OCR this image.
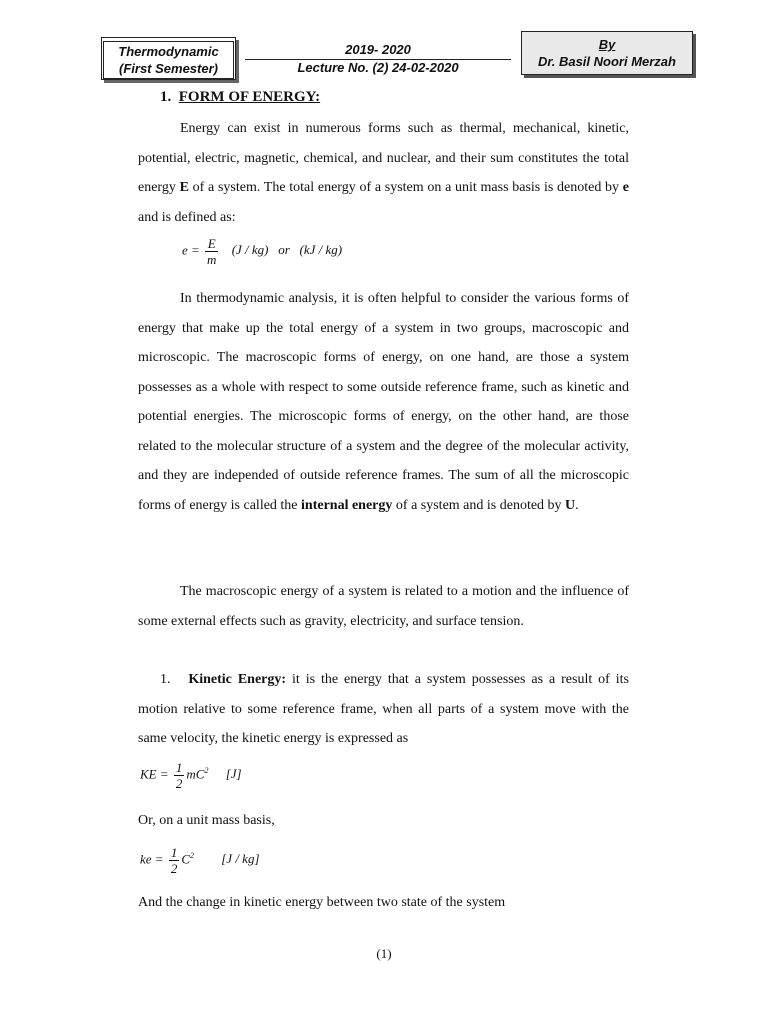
Thermodynamic
(First Semester)
2019- 2020
Lecture No. (2) 24-02-2020
By
Dr. Basil Noori Merzah
1. FORM OF ENERGY:

Energy can exist in numerous forms such as thermal, mechanical, kinetic, potential, electric, magnetic, chemical, and nuclear, and their sum constitutes the total energy E of a system. The total energy of a system on a unit mass basis is denoted by e and is defined as:

$e = \frac{E}{m} (J / kg)$   or   (kJ / kg)

In thermodynamic analysis, it is often helpful to consider the various forms of energy that make up the total energy of a system in two groups, macroscopic and microscopic. The macroscopic forms of energy, on one hand, are those a system possesses as a whole with respect to some outside reference frame, such as kinetic and potential energies. The microscopic forms of energy, on the other hand, are those related to the molecular structure of a system and the degree of the molecular activity, and they are independed of outside reference frames. The sum of all the microscopic forms of energy is called the internal energy of a system and is denoted by U.

The macroscopic energy of a system is related to a motion and the influence of some external effects such as gravity, electricity, and surface tension.

1. Kinetic Energy: it is the energy that a system possesses as a result of its motion relative to some reference frame, when all parts of a system move with the same velocity, the kinetic energy is expressed as

KE = $\frac{1}{2} mC^2$ [J]
Or, on a unit mass basis,
ke = $\frac{1}{2} C^2$ [J / kg]
And the change in kinetic energy between two state of the system
(1)
